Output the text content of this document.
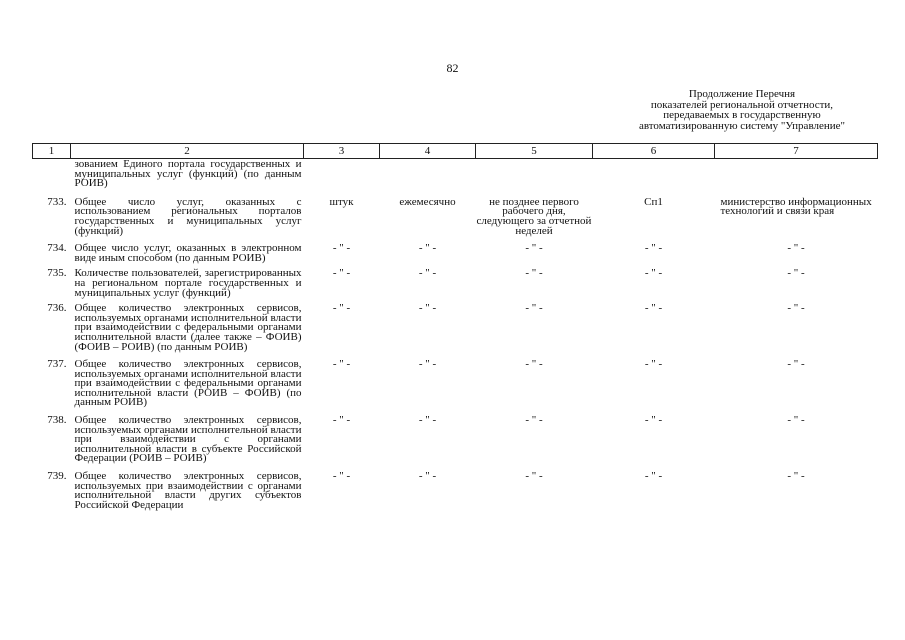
82
Продолжение Перечня
показателей региональной отчетности,
передаваемых в государственную
автоматизированную систему "Управление"
1	2	3	4	5	6	7
	зованием Единого портала государственных и муниципальных услуг (функций) (по данным РОИВ)					
733.	Общее число услуг, оказанных с использованием региональных порталов государственных и муниципальных услуг (функций)	штук	ежемесячно	не позднее первого рабочего дня, следующего за отчетной неделей	Сп1	министерство информационных технологий и связи края
734.	Общее число услуг, оказанных в электронном виде иным способом (по данным РОИВ)	- " -	- " -	- " -	- " -	- " -
735.	Количестве пользователей, зарегистрированных на региональном портале государственных и муниципальных услуг (функций)	- " -	- " -	- " -	- " -	- " -
736.	Общее количество электронных сервисов, используемых органами исполнительной власти при взаимодействии с федеральными органами исполнительной власти (далее также – ФОИВ) (ФОИВ – РОИВ) (по данным РОИВ)	- " -	- " -	- " -	- " -	- " -
737.	Общее количество электронных сервисов, используемых органами исполнительной власти при взаимодействии с федеральными органами исполнительной власти (РОИВ – ФОИВ) (по данным РОИВ)	- " -	- " -	- " -	- " -	- " -
738.	Общее количество электронных сервисов, используемых органами исполнительной власти при взаимодействии с органами исполнительной власти в субъекте Российской Федерации (РОИВ – РОИВ)	- " -	- " -	- " -	- " -	- " -
739.	Общее количество электронных сервисов, используемых при взаимодействии с органами исполнительной власти других субъектов Российской Федерации	- " -	- " -	- " -	- " -	- " -
